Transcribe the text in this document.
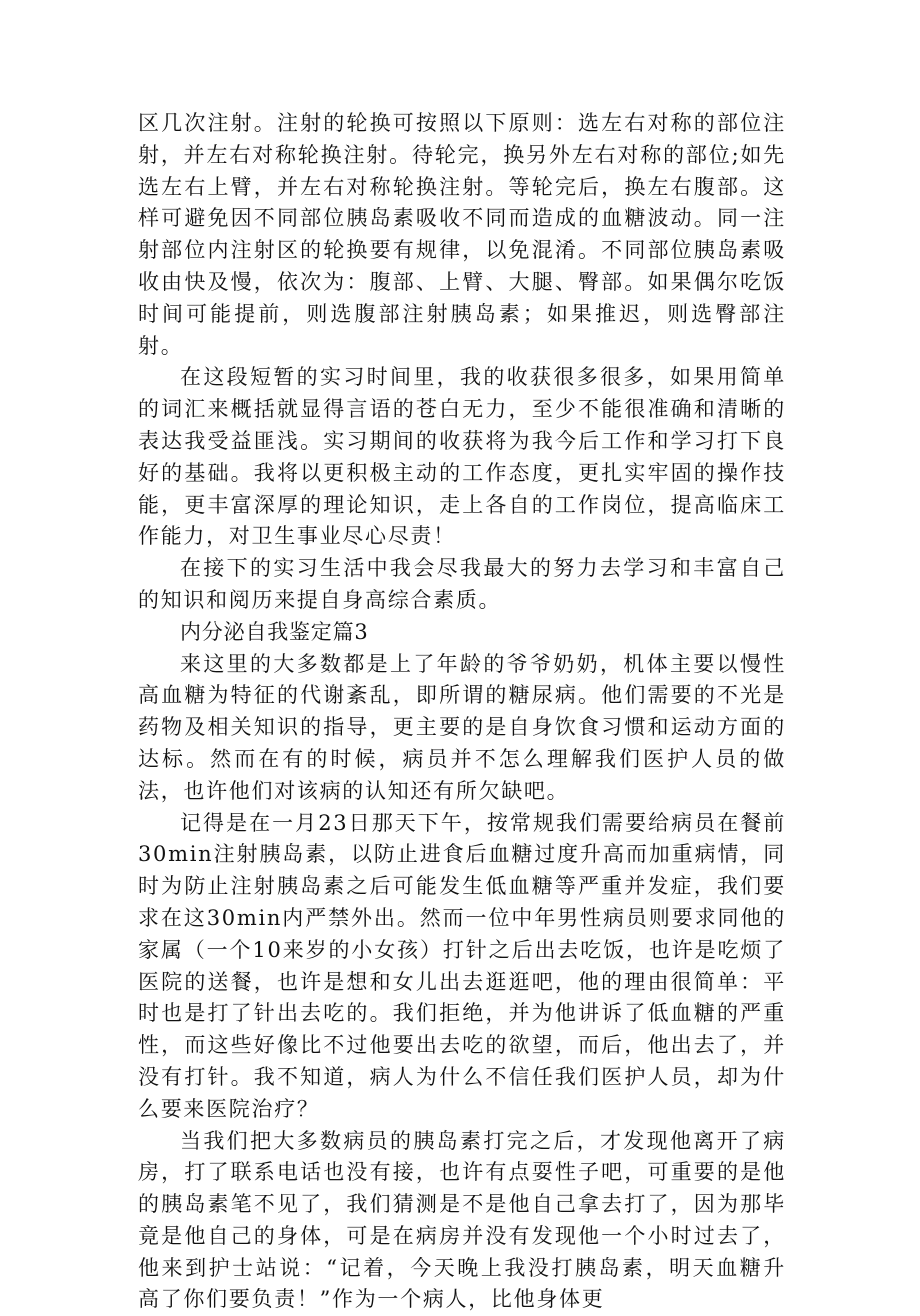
区几次注射。注射的轮换可按照以下原则：选左右对称的部位注射，并左右对称轮换注射。待轮完，换另外左右对称的部位;如先选左右上臂，并左右对称轮换注射。等轮完后，换左右腹部。这样可避免因不同部位胰岛素吸收不同而造成的血糖波动。同一注射部位内注射区的轮换要有规律，以免混淆。不同部位胰岛素吸收由快及慢，依次为：腹部、上臂、大腿、臀部。如果偶尔吃饭时间可能提前，则选腹部注射胰岛素；如果推迟，则选臀部注射。

在这段短暂的实习时间里，我的收获很多很多，如果用简单的词汇来概括就显得言语的苍白无力，至少不能很准确和清晰的表达我受益匪浅。实习期间的收获将为我今后工作和学习打下良好的基础。我将以更积极主动的工作态度，更扎实牢固的操作技能，更丰富深厚的理论知识，走上各自的工作岗位，提高临床工作能力，对卫生事业尽心尽责！

在接下的实习生活中我会尽我最大的努力去学习和丰富自己的知识和阅历来提自身高综合素质。

内分泌自我鉴定篇3

来这里的大多数都是上了年龄的爷爷奶奶，机体主要以慢性高血糖为特征的代谢紊乱，即所谓的糖尿病。他们需要的不光是药物及相关知识的指导，更主要的是自身饮食习惯和运动方面的达标。然而在有的时候，病员并不怎么理解我们医护人员的做法，也许他们对该病的认知还有所欠缺吧。

记得是在一月23日那天下午，按常规我们需要给病员在餐前30min注射胰岛素，以防止进食后血糖过度升高而加重病情，同时为防止注射胰岛素之后可能发生低血糖等严重并发症，我们要求在这30min内严禁外出。然而一位中年男性病员则要求同他的家属（一个10来岁的小女孩）打针之后出去吃饭，也许是吃烦了医院的送餐，也许是想和女儿出去逛逛吧，他的理由很简单：平时也是打了针出去吃的。我们拒绝，并为他讲诉了低血糖的严重性，而这些好像比不过他要出去吃的欲望，而后，他出去了，并没有打针。我不知道，病人为什么不信任我们医护人员，却为什么要来医院治疗？

当我们把大多数病员的胰岛素打完之后，才发现他离开了病房，打了联系电话也没有接，也许有点耍性子吧，可重要的是他的胰岛素笔不见了，我们猜测是不是他自己拿去打了，因为那毕竟是他自己的身体，可是在病房并没有发现他一个小时过去了，他来到护士站说：“记着，今天晚上我没打胰岛素，明天血糖升高了你们要负责！”作为一个病人，比他身体更
